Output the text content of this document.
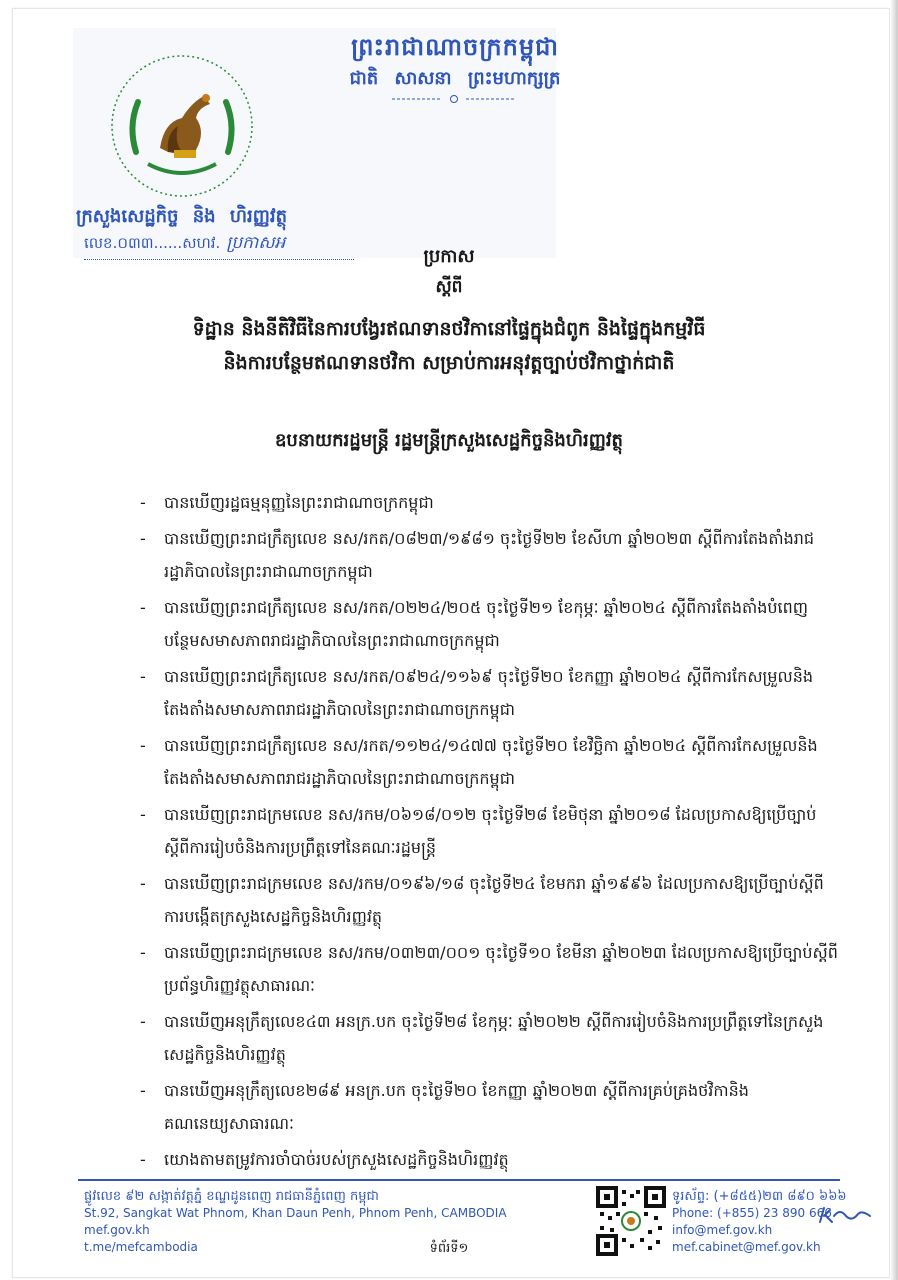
ព្រះរាជាណាចក្រកម្ពុជា
ជាតិ សាសនា ព្រះមហាក្សត្រ
ក្រសួងសេដ្ឋកិច្ច និង ហិរញ្ញវត្ថុ
លេខ.០៣៣......សហវ. ប្រកាសអ
ប្រកាស
ស្តីពី
ទិដ្ឋាន និងនីតិវិធីនៃការបង្វែរឥណទានថវិកានៅផ្ទៃក្នុងជំពូក និងផ្ទៃក្នុងកម្មវិធី
និងការបន្ថែមឥណទានថវិកា សម្រាប់ការអនុវត្តច្បាប់ថវិកាថ្នាក់ជាតិ
ឧបនាយករដ្ឋមន្ត្រី រដ្ឋមន្ត្រីក្រសួងសេដ្ឋកិច្ចនិងហិរញ្ញវត្ថុ
- បានឃើញរដ្ឋធម្មនុញ្ញនៃព្រះរាជាណាចក្រកម្ពុជា
- បានឃើញព្រះរាជក្រឹត្យលេខ នស/រកត/០៨២៣/១៩៨១ ចុះថ្ងៃទី២២ ខែសីហា ឆ្នាំ២០២៣ ស្តីពីការតែងតាំងរាជរដ្ឋាភិបាលនៃព្រះរាជាណាចក្រកម្ពុជា
- បានឃើញព្រះរាជក្រឹត្យលេខ នស/រកត/០២២៤/២០៥ ចុះថ្ងៃទី២១ ខែកុម្ភៈ ឆ្នាំ២០២៤ ស្តីពីការតែងតាំងបំពេញបន្ថែមសមាសភាពរាជរដ្ឋាភិបាលនៃព្រះរាជាណាចក្រកម្ពុជា
- បានឃើញព្រះរាជក្រឹត្យលេខ នស/រកត/០៩២៤/១១៦៩ ចុះថ្ងៃទី២០ ខែកញ្ញា ឆ្នាំ២០២៤ ស្តីពីការកែសម្រួលនិងតែងតាំងសមាសភាពរាជរដ្ឋាភិបាលនៃព្រះរាជាណាចក្រកម្ពុជា
- បានឃើញព្រះរាជក្រឹត្យលេខ នស/រកត/១១២៤/១៤៧៧ ចុះថ្ងៃទី២០ ខែវិច្ឆិកា ឆ្នាំ២០២៤ ស្តីពីការកែសម្រួលនិងតែងតាំងសមាសភាពរាជរដ្ឋាភិបាលនៃព្រះរាជាណាចក្រកម្ពុជា
- បានឃើញព្រះរាជក្រមលេខ នស/រកម/០៦១៨/០១២ ចុះថ្ងៃទី២៨ ខែមិថុនា ឆ្នាំ២០១៨ ដែលប្រកាសឱ្យប្រើច្បាប់ស្តីពីការរៀបចំនិងការប្រព្រឹត្តទៅនៃគណៈរដ្ឋមន្ត្រី
- បានឃើញព្រះរាជក្រមលេខ នស/រកម/០១៩៦/១៨ ចុះថ្ងៃទី២៤ ខែមករា ឆ្នាំ១៩៩៦ ដែលប្រកាសឱ្យប្រើច្បាប់ស្តីពីការបង្កើតក្រសួងសេដ្ឋកិច្ចនិងហិរញ្ញវត្ថុ
- បានឃើញព្រះរាជក្រមលេខ នស/រកម/០៣២៣/០០១ ចុះថ្ងៃទី១០ ខែមីនា ឆ្នាំ២០២៣ ដែលប្រកាសឱ្យប្រើច្បាប់ស្តីពីប្រព័ន្ធហិរញ្ញវត្ថុសាធារណៈ
- បានឃើញអនុក្រឹត្យលេខ៤៣ អនក្រ.បក ចុះថ្ងៃទី២៨ ខែកុម្ភៈ ឆ្នាំ២០២២ ស្តីពីការរៀបចំនិងការប្រព្រឹត្តទៅនៃក្រសួងសេដ្ឋកិច្ចនិងហិរញ្ញវត្ថុ
- បានឃើញអនុក្រឹត្យលេខ២៨៩ អនក្រ.បក ចុះថ្ងៃទី២០ ខែកញ្ញា ឆ្នាំ២០២៣ ស្តីពីការគ្រប់គ្រងថវិកានិងគណនេយ្យសាធារណៈ
- យោងតាមតម្រូវការចាំបាច់របស់ក្រសួងសេដ្ឋកិច្ចនិងហិរញ្ញវត្ថុ
ផ្លូវលេខ ៩២ សង្កាត់វត្តភ្នំ ខណ្ឌដូនពេញ រាជធានីភ្នំពេញ កម្ពុជា
St.92, Sangkat Wat Phnom, Khan Daun Penh, Phnom Penh, CAMBODIA
mef.gov.kh
t.me/mefcambodia
ទូរស័ព្ទ: (+៨៥៥)២៣ ៨៩០ ៦៦៦
Phone: (+855) 23 890 666
info@mef.gov.kh
mef.cabinet@mef.gov.kh
ទំព័រទី១
